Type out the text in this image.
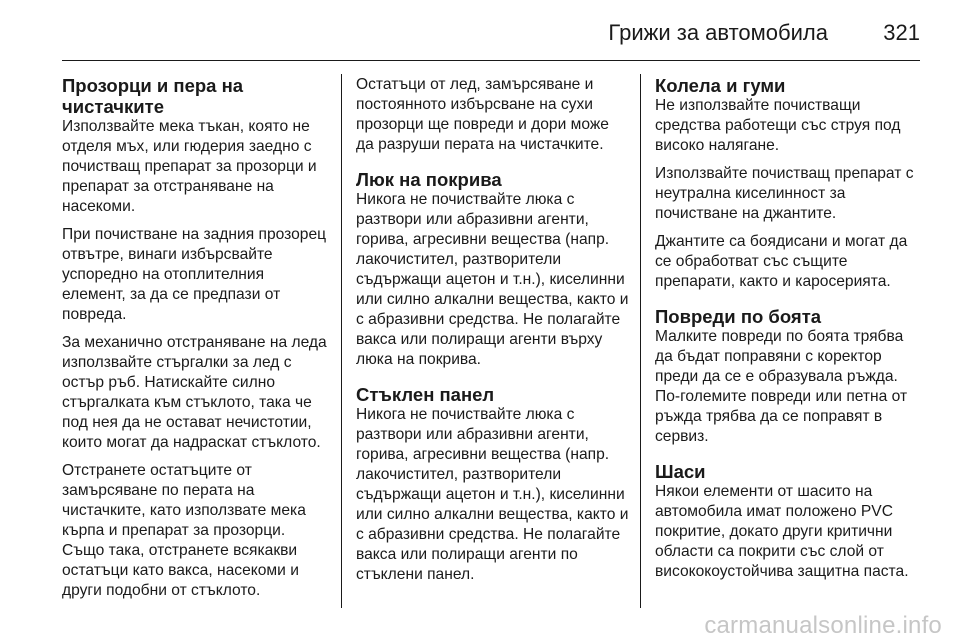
Грижи за автомобила	321
Прозорци и пера на чистачките

Използвайте мека тъкан, която не отделя мъх, или гюдерия заедно с почистващ препарат за прозорци и препарат за отстраняване на насекоми.

При почистване на задния прозорец отвътре, винаги избърсвайте успоредно на отоплителния елемент, за да се предпази от повреда.

За механично отстраняване на леда използвайте стъргалки за лед с остър ръб. Натискайте силно стъргалката към стъклото, така че под нея да не остават нечистотии, които могат да надраскат стъклото.

Отстранете остатъците от замърсяване по перата на чистачките, като използвате мека кърпа и препарат за прозорци. Също така, отстранете всякакви остатъци като вакса, насекоми и други подобни от стъклото.

Остатъци от лед, замърсяване и постоянното избърсване на сухи прозорци ще повреди и дори може да разруши перата на чистачките.

Люк на покрива

Никога не почиствайте люка с разтвори или абразивни агенти, горива, агресивни вещества (напр. лакочистител, разтворители съдържащи ацетон и т.н.), киселинни или силно алкални вещества, както и с абразивни средства. Не полагайте вакса или полиращи агенти върху люка на покрива.

Стъклен панел

Никога не почиствайте люка с разтвори или абразивни агенти, горива, агресивни вещества (напр. лакочистител, разтворители съдържащи ацетон и т.н.), киселинни или силно алкални вещества, както и с абразивни средства. Не полагайте вакса или полиращи агенти по стъклени панел.

Колела и гуми

Не използвайте почистващи средства работещи със струя под високо налягане.

Използвайте почистващ препарат с неутрална киселинност за почистване на джантите.

Джантите са боядисани и могат да се обработват със същите препарати, както и каросерията.

Повреди по боята

Малките повреди по боята трябва да бъдат поправяни с коректор преди да се е образувала ръжда. По-големите повреди или петна от ръжда трябва да се поправят в сервиз.

Шаси

Някои елементи от шасито на автомобила имат положено PVC покритие, докато други критични области са покрити със слой от висококоустойчива защитна паста.

carmanualsonline.info
